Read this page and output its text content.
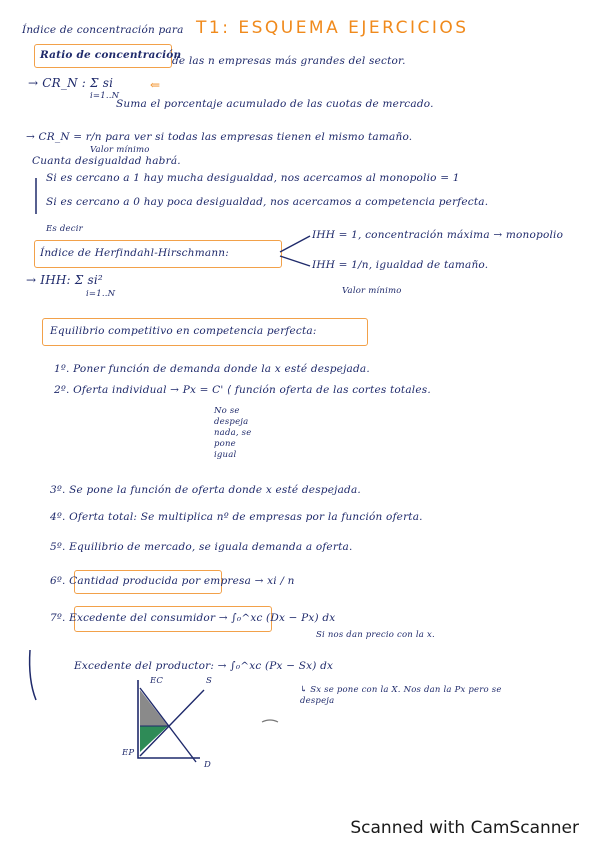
Índice de concentración para T1: ESQUEMA EJERCICIOS
Ratio de concentración
de las n empresas más grandes del sector.
→ CR_N : Σ si
i=1..N
⇐
Suma el porcentaje acumulado de las cuotas de mercado.
→ CR_N = r/n para ver si todas las empresas tienen el mismo tamaño.
Valor mínimo
Cuanta desigualdad habrá.
Si es cercano a 1 hay mucha desigualdad, nos acercamos al monopolio = 1
Si es cercano a 0 hay poca desigualdad, nos acercamos a competencia perfecta.
Es decir
Índice de Herfindahl-Hirschmann:
→ IHH: Σ si²
i=1..N
IHH = 1, concentración máxima → monopolio
IHH = 1/n, igualdad de tamaño.
Valor mínimo
Equilibrio competitivo en competencia perfecta:
1º. Poner función de demanda donde la x esté despejada.
2º. Oferta individual → Px = C' ⟨ función oferta de las cortes totales.
No se despeja nada, se pone igual
3º. Se pone la función de oferta donde x esté despejada.
4º. Oferta total: Se multiplica nº de empresas por la función oferta.
5º. Equilibrio de mercado, se iguala demanda a oferta.
6º. Cantidad producida por empresa → xi / n
7º. Excedente del consumidor → ∫₀^xc (Dx − Px) dx
Si nos dan precio con la x.
Excedente del productor: → ∫₀^xc (Px − Sx) dx
↳ Sx se pone con la X. Nos dan la Px pero se despeja
EC	S
EP
D
Scanned with CamScanner
